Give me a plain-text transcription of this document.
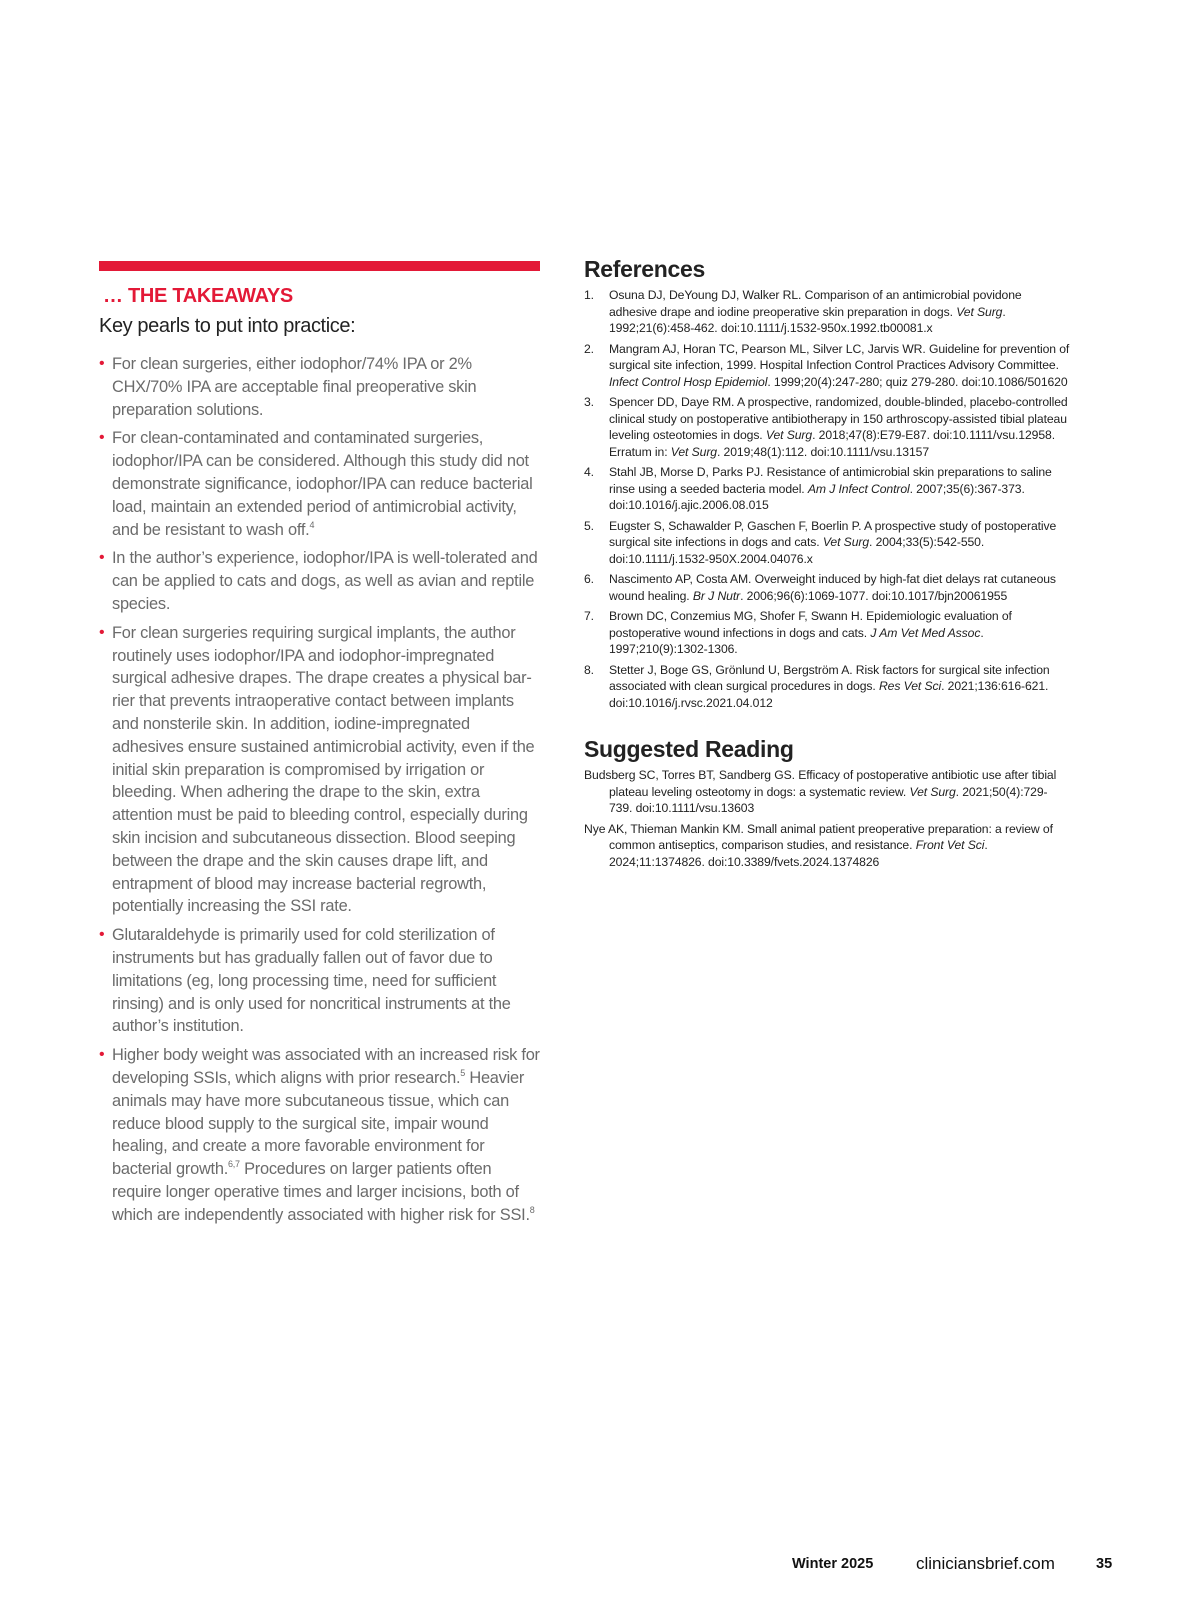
… THE TAKEAWAYS
Key pearls to put into practice:
• For clean surgeries, either iodophor/74% IPA or 2% CHX/70% IPA are acceptable final preoperative skin preparation solutions.
• For clean-contaminated and contaminated surgeries, iodophor/IPA can be considered. Although this study did not demonstrate significance, iodophor/IPA can reduce bacterial load, maintain an extended period of antimicrobial activity, and be resistant to wash off.$^4$
• In the author’s experience, iodophor/IPA is well-tolerated and can be applied to cats and dogs, as well as avian and reptile species.
• For clean surgeries requiring surgical implants, the author routinely uses iodophor/IPA and iodophor-impregnated surgical adhesive drapes. The drape creates a physical barrier that prevents intraoperative contact between implants and nonsterile skin. In addition, iodine-impregnated adhesives ensure sustained antimicrobial activity, even if the initial skin preparation is compromised by irrigation or bleeding. When adhering the drape to the skin, extra attention must be paid to bleeding control, especially during skin incision and subcutaneous dissection. Blood seeping between the drape and the skin causes drape lift, and entrapment of blood may increase bacterial regrowth, potentially increasing the SSI rate.
• Glutaraldehyde is primarily used for cold sterilization of instruments but has gradually fallen out of favor due to limitations (eg, long processing time, need for sufficient rinsing) and is only used for noncritical instruments at the author’s institution.
• Higher body weight was associated with an increased risk for developing SSIs, which aligns with prior research.$^5$ Heavier animals may have more subcutaneous tissue, which can reduce blood supply to the surgical site, impair wound healing, and create a more favorable environment for bacterial growth.$^{6,7}$ Procedures on larger patients often require longer operative times and larger incisions, both of which are independently associated with higher risk for SSI.$^8$
References
1. Osuna DJ, DeYoung DJ, Walker RL. Comparison of an antimicrobial povidone adhesive drape and iodine preoperative skin preparation in dogs. Vet Surg. 1992;21(6):458-462. doi:10.1111/j.1532-950x.1992.tb00081.x
2. Mangram AJ, Horan TC, Pearson ML, Silver LC, Jarvis WR. Guideline for prevention of surgical site infection, 1999. Hospital Infection Control Practices Advisory Committee. Infect Control Hosp Epidemiol. 1999;20(4):247-280; quiz 279-280. doi:10.1086/501620
3. Spencer DD, Daye RM. A prospective, randomized, double-blinded, placebo-controlled clinical study on postoperative antibiotherapy in 150 arthroscopy-assisted tibial plateau leveling osteotomies in dogs. Vet Surg. 2018;47(8):E79-E87. doi:10.1111/vsu.12958. Erratum in: Vet Surg. 2019;48(1):112. doi:10.1111/vsu.13157
4. Stahl JB, Morse D, Parks PJ. Resistance of antimicrobial skin preparations to saline rinse using a seeded bacteria model. Am J Infect Control. 2007;35(6):367-373. doi:10.1016/j.ajic.2006.08.015
5. Eugster S, Schawalder P, Gaschen F, Boerlin P. A prospective study of postoperative surgical site infections in dogs and cats. Vet Surg. 2004;33(5):542-550. doi:10.1111/j.1532-950X.2004.04076.x
6. Nascimento AP, Costa AM. Overweight induced by high-fat diet delays rat cutaneous wound healing. Br J Nutr. 2006;96(6):1069-1077. doi:10.1017/bjn20061955
7. Brown DC, Conzemius MG, Shofer F, Swann H. Epidemiologic evaluation of postoperative wound infections in dogs and cats. J Am Vet Med Assoc. 1997;210(9):1302-1306.
8. Stetter J, Boge GS, Grönlund U, Bergström A. Risk factors for surgical site infection associated with clean surgical procedures in dogs. Res Vet Sci. 2021;136:616-621. doi:10.1016/j.rvsc.2021.04.012
Suggested Reading
Budsberg SC, Torres BT, Sandberg GS. Efficacy of postoperative antibiotic use after tibial plateau leveling osteotomy in dogs: a systematic review. Vet Surg. 2021;50(4):729-739. doi:10.1111/vsu.13603
Nye AK, Thieman Mankin KM. Small animal patient preoperative preparation: a review of common antiseptics, comparison studies, and resistance. Front Vet Sci. 2024;11:1374826. doi:10.3389/fvets.2024.1374826
Winter 2025	cliniciansbrief.com	35
